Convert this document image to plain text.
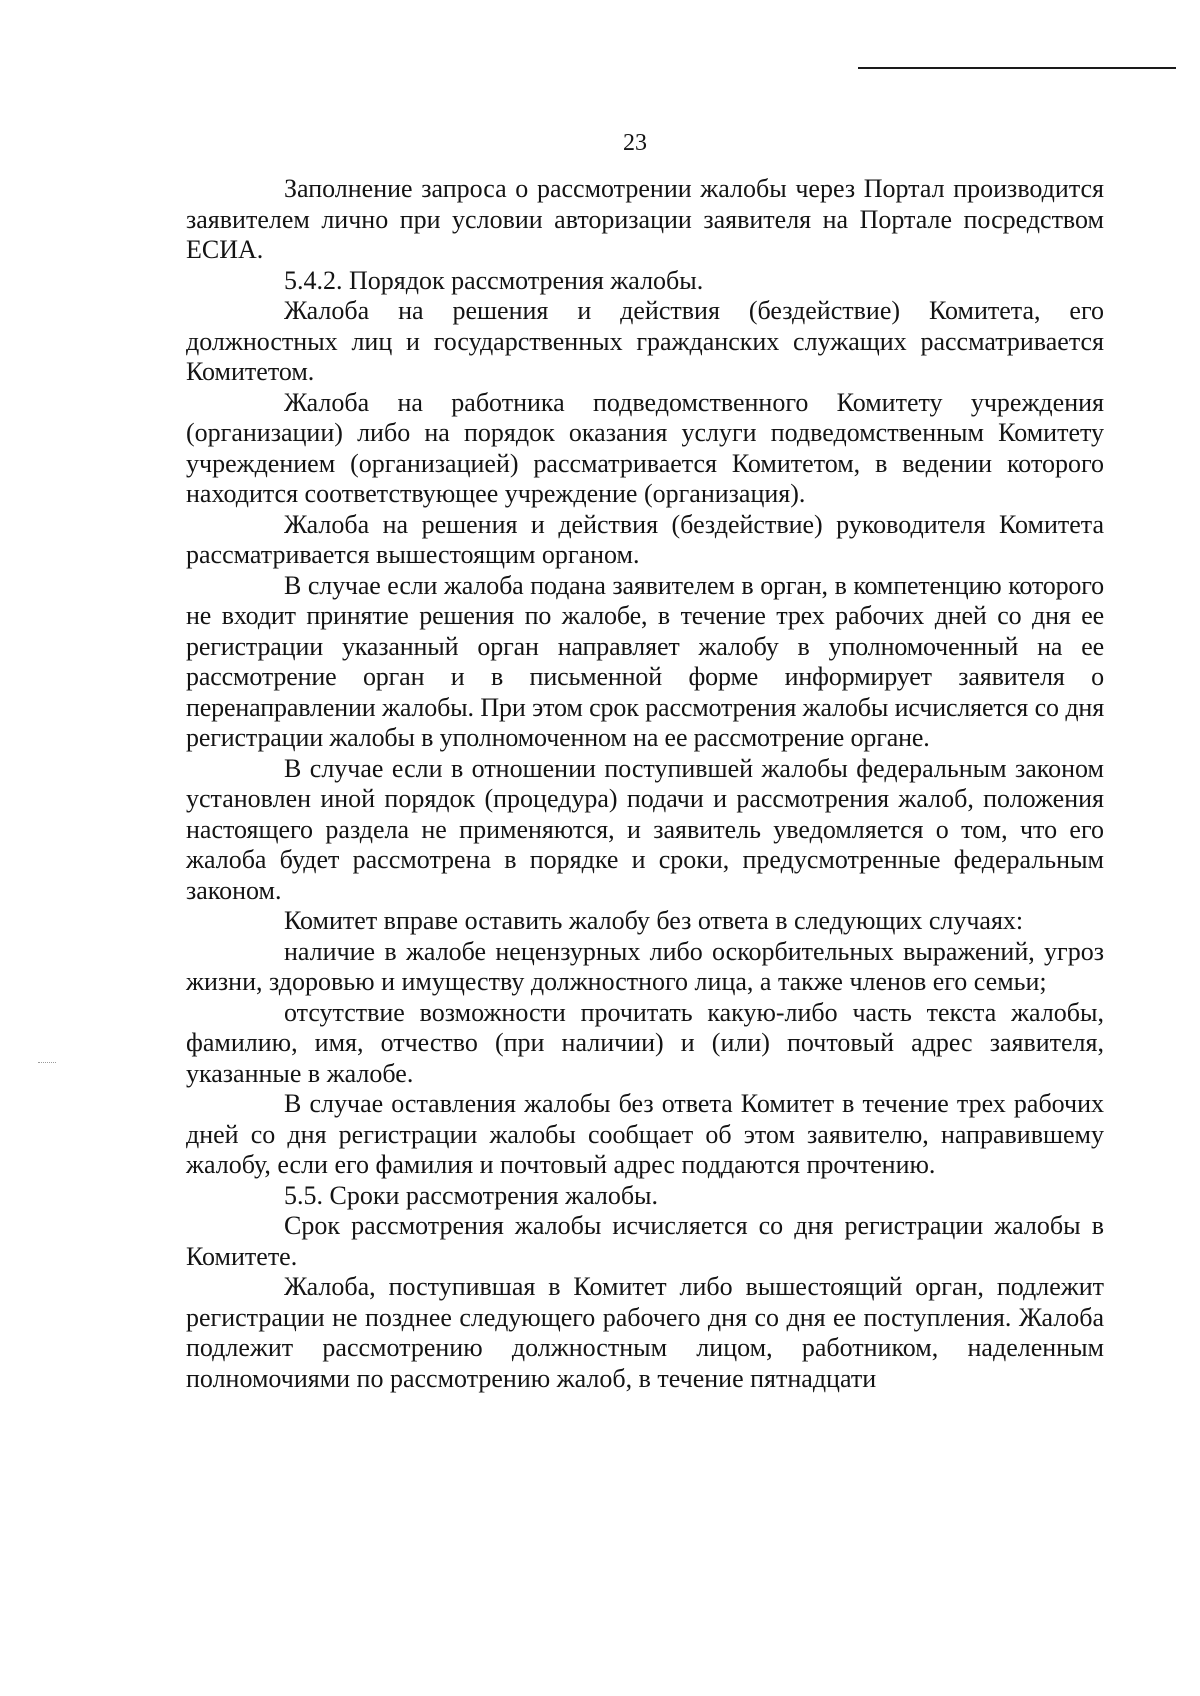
23

Заполнение запроса о рассмотрении жалобы через Портал производится заявителем лично при условии авторизации заявителя на Портале посредством ЕСИА.

5.4.2. Порядок рассмотрения жалобы.

Жалоба на решения и действия (бездействие) Комитета, его должностных лиц и государственных гражданских служащих рассматривается Комитетом.

Жалоба на работника подведомственного Комитету учреждения (организации) либо на порядок оказания услуги подведомственным Комитету учреждением (организацией) рассматривается Комитетом, в ведении которого находится соответствующее учреждение (организация).

Жалоба на решения и действия (бездействие) руководителя Комитета рассматривается вышестоящим органом.

В случае если жалоба подана заявителем в орган, в компетенцию которого не входит принятие решения по жалобе, в течение трех рабочих дней со дня ее регистрации указанный орган направляет жалобу в уполномоченный на ее рассмотрение орган и в письменной форме информирует заявителя о перенаправлении жалобы. При этом срок рассмотрения жалобы исчисляется со дня регистрации жалобы в уполномоченном на ее рассмотрение органе.

В случае если в отношении поступившей жалобы федеральным законом установлен иной порядок (процедура) подачи и рассмотрения жалоб, положения настоящего раздела не применяются, и заявитель уведомляется о том, что его жалоба будет рассмотрена в порядке и сроки, предусмотренные федеральным законом.

Комитет вправе оставить жалобу без ответа в следующих случаях:

наличие в жалобе нецензурных либо оскорбительных выражений, угроз жизни, здоровью и имуществу должностного лица, а также членов его семьи;

отсутствие возможности прочитать какую-либо часть текста жалобы, фамилию, имя, отчество (при наличии) и (или) почтовый адрес заявителя, указанные в жалобе.

В случае оставления жалобы без ответа Комитет в течение трех рабочих дней со дня регистрации жалобы сообщает об этом заявителю, направившему жалобу, если его фамилия и почтовый адрес поддаются прочтению.

5.5. Сроки рассмотрения жалобы.

Срок рассмотрения жалобы исчисляется со дня регистрации жалобы в Комитете.

Жалоба, поступившая в Комитет либо вышестоящий орган, подлежит регистрации не позднее следующего рабочего дня со дня ее поступления. Жалоба подлежит рассмотрению должностным лицом, работником, наделенным полномочиями по рассмотрению жалоб, в течение пятнадцати
